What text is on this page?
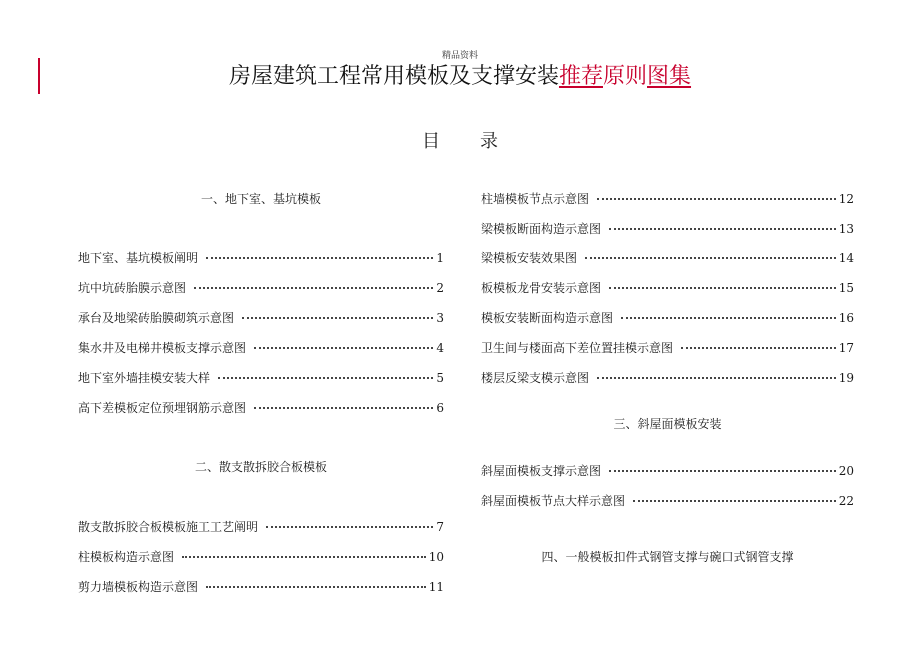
精品资料
房屋建筑工程常用模板及支撑安装推荐原则图集
目录
一、地下室、基坑模板
地下室、基坑模板阐明	1
坑中坑砖胎膜示意图	2
承台及地梁砖胎膜砌筑示意图	3
集水井及电梯井模板支撑示意图	4
地下室外墙挂模安装大样	5
高下差模板定位预埋钢筋示意图	6
二、散支散拆胶合板模板
散支散拆胶合板模板施工工艺阐明	7
柱模板构造示意图	10
剪力墙模板构造示意图	11
柱墙模板节点示意图	12
梁模板断面构造示意图	13
梁模板安装效果图	14
板模板龙骨安装示意图	15
模板安装断面构造示意图	16
卫生间与楼面高下差位置挂模示意图	17
楼层反梁支模示意图	19
三、斜屋面模板安装
斜屋面模板支撑示意图	20
斜屋面模板节点大样示意图	22
四、一般模板扣件式钢管支撑与碗口式钢管支撑
